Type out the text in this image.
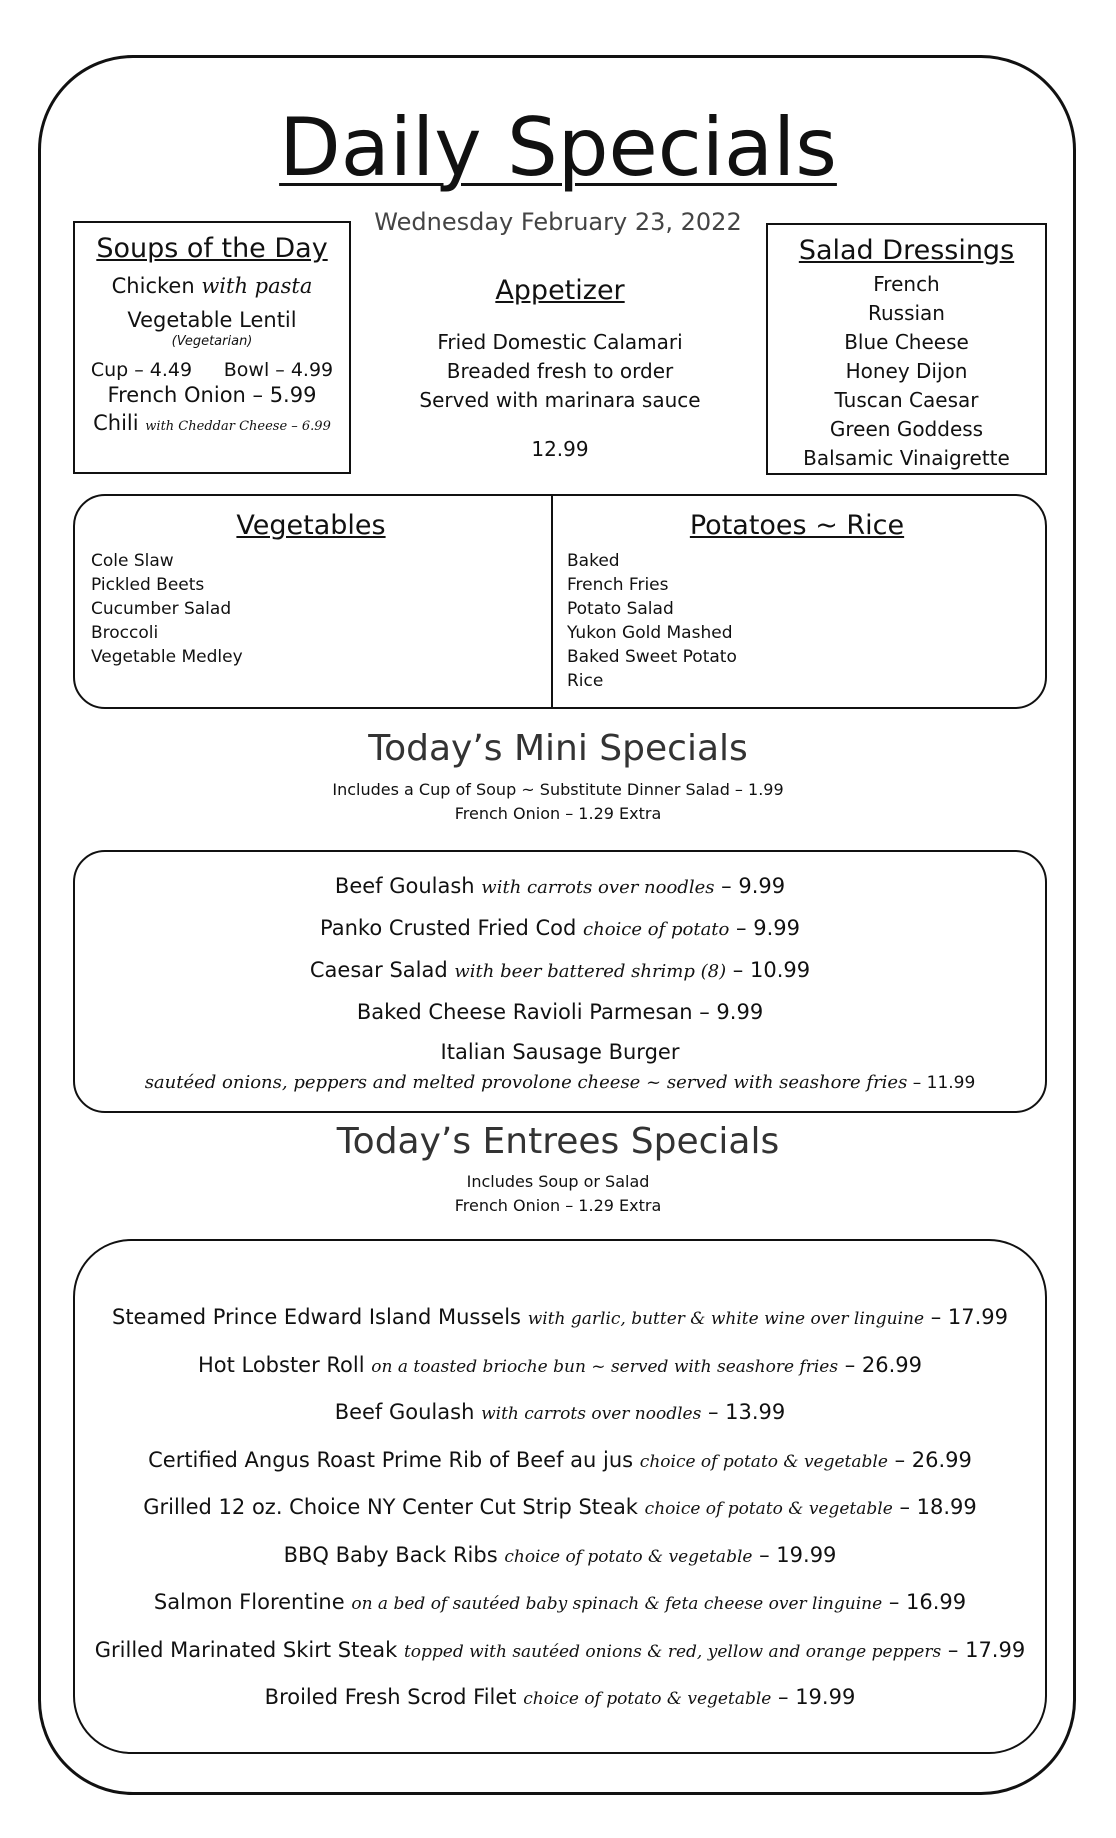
Daily Specials
Wednesday February 23, 2022
Soups of the Day

Chicken with pasta

Vegetable Lentil

(Vegetarian)
Cup – 4.49 Bowl – 4.99

French Onion – 5.99

Chili with Cheddar Cheese – 6.99

Appetizer

Fried Domestic Calamari

Breaded fresh to order

Served with marinara sauce

12.99

Salad Dressings
French
Russian
Blue Cheese
Honey Dijon
Tuscan Caesar
Green Goddess
Balsamic Vinaigrette
Vegetables
Cole Slaw
Pickled Beets
Cucumber Salad
Broccoli
Vegetable Medley
Potatoes ~ Rice
Baked
French Fries
Potato Salad
Yukon Gold Mashed
Baked Sweet Potato
Rice
Today’s Mini Specials
Includes a Cup of Soup ~ Substitute Dinner Salad – 1.99
French Onion – 1.29 Extra

Beef Goulash with carrots over noodles – 9.99

Panko Crusted Fried Cod choice of potato – 9.99

Caesar Salad with beer battered shrimp (8) – 10.99

Baked Cheese Ravioli Parmesan – 9.99

Italian Sausage Burger

sautéed onions, peppers and melted provolone cheese ~ served with seashore fries – 11.99

Today’s Entrees Specials
Includes Soup or Salad
French Onion – 1.29 Extra

Steamed Prince Edward Island Mussels with garlic, butter & white wine over linguine – 17.99

Hot Lobster Roll on a toasted brioche bun ~ served with seashore fries – 26.99

Beef Goulash with carrots over noodles – 13.99

Certified Angus Roast Prime Rib of Beef au jus choice of potato & vegetable – 26.99

Grilled 12 oz. Choice NY Center Cut Strip Steak choice of potato & vegetable – 18.99

BBQ Baby Back Ribs choice of potato & vegetable – 19.99

Salmon Florentine on a bed of sautéed baby spinach & feta cheese over linguine – 16.99

Grilled Marinated Skirt Steak topped with sautéed onions & red, yellow and orange peppers – 17.99

Broiled Fresh Scrod Filet choice of potato & vegetable – 19.99
